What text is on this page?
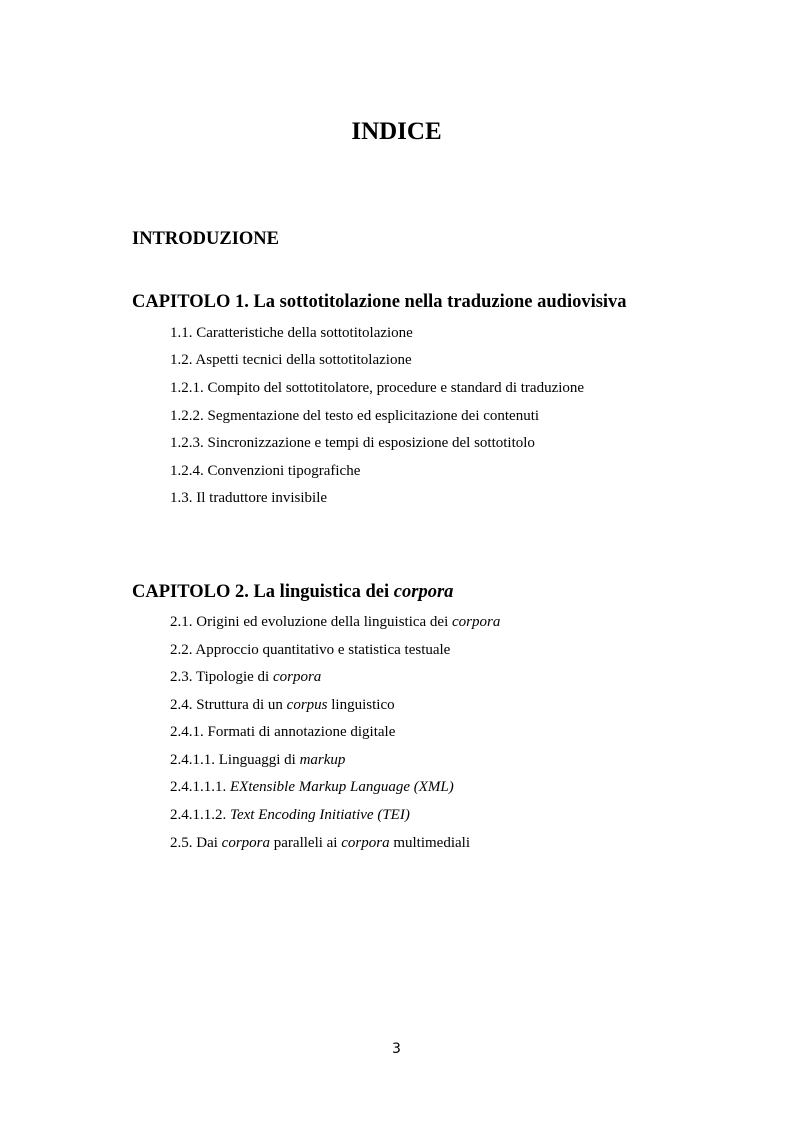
INDICE
INTRODUZIONE
CAPITOLO 1. La sottotitolazione nella traduzione audiovisiva

1.1. Caratteristiche della sottotitolazione

1.2. Aspetti tecnici della sottotitolazione

1.2.1. Compito del sottotitolatore, procedure e standard di traduzione

1.2.2. Segmentazione del testo ed esplicitazione dei contenuti

1.2.3. Sincronizzazione e tempi di esposizione del sottotitolo

1.2.4. Convenzioni tipografiche

1.3. Il traduttore invisibile

CAPITOLO 2. La linguistica dei corpora

2.1. Origini ed evoluzione della linguistica dei corpora

2.2. Approccio quantitativo e statistica testuale

2.3. Tipologie di corpora

2.4. Struttura di un corpus linguistico

2.4.1. Formati di annotazione digitale

2.4.1.1. Linguaggi di markup

2.4.1.1.1. EXtensible Markup Language (XML)

2.4.1.1.2. Text Encoding Initiative (TEI)

2.5. Dai corpora paralleli ai corpora multimediali

3
